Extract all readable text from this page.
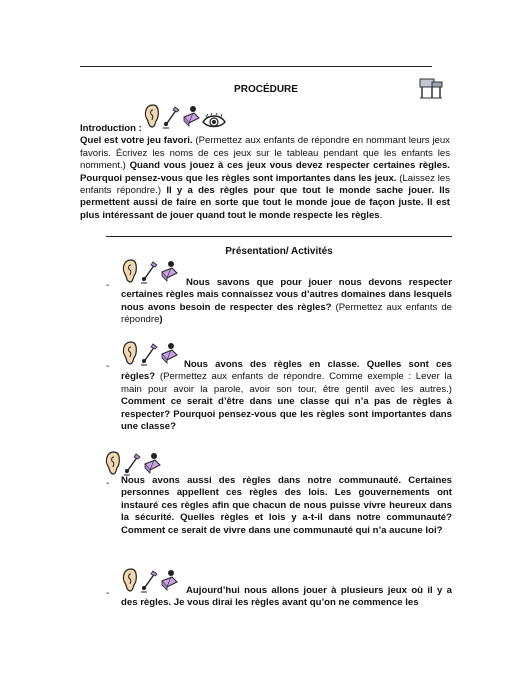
PROCÉDURE
Introduction :
Quel est votre jeu favori. (Permettez aux enfants de répondre en nommant leurs jeux favoris. Écrivez les noms de ces jeux sur le tableau pendant que les enfants les nomment.) Quand vous jouez à ces jeux vous devez respecter certaines règles. Pourquoi pensez-vous que les règles sont importantes dans les jeux. (Laissez les enfants répondre.) Il y a des règles pour que tout le monde sache jouer. Ils permettent aussi de faire en sorte que tout le monde joue de façon juste. Il est plus intéressant de jouer quand tout le monde respecte les règles.
Présentation/ Activités
-	Nous savons que pour jouer nous devons respecter certaines règles mais connaissez vous d’autres domaines dans lesquels nous avons besoin de respecter des règles? (Permettez aux enfants de répondre)
-	Nous avons des règles en classe. Quelles sont ces règles? (Permettez aux enfants de répondre. Comme exemple : Lever la main pour avoir la parole, avoir son tour, être gentil avec les autres.) Comment ce serait d’être dans une classe qui n’a pas de règles à respecter? Pourquoi pensez-vous que les règles sont importantes dans une classe?
- Nous avons aussi des règles dans notre communauté. Certaines personnes appellent ces règles des lois. Les gouvernements ont instauré ces règles afin que chacun de nous puisse vivre heureux dans la sécurité. Quelles règles et lois y a-t-il dans notre communauté? Comment ce serait de vivre dans une communauté qui n’a aucune loi?
-	Aujourd’hui nous allons jouer à plusieurs jeux où il y a des règles. Je vous dirai les règles avant qu’on ne commence les
